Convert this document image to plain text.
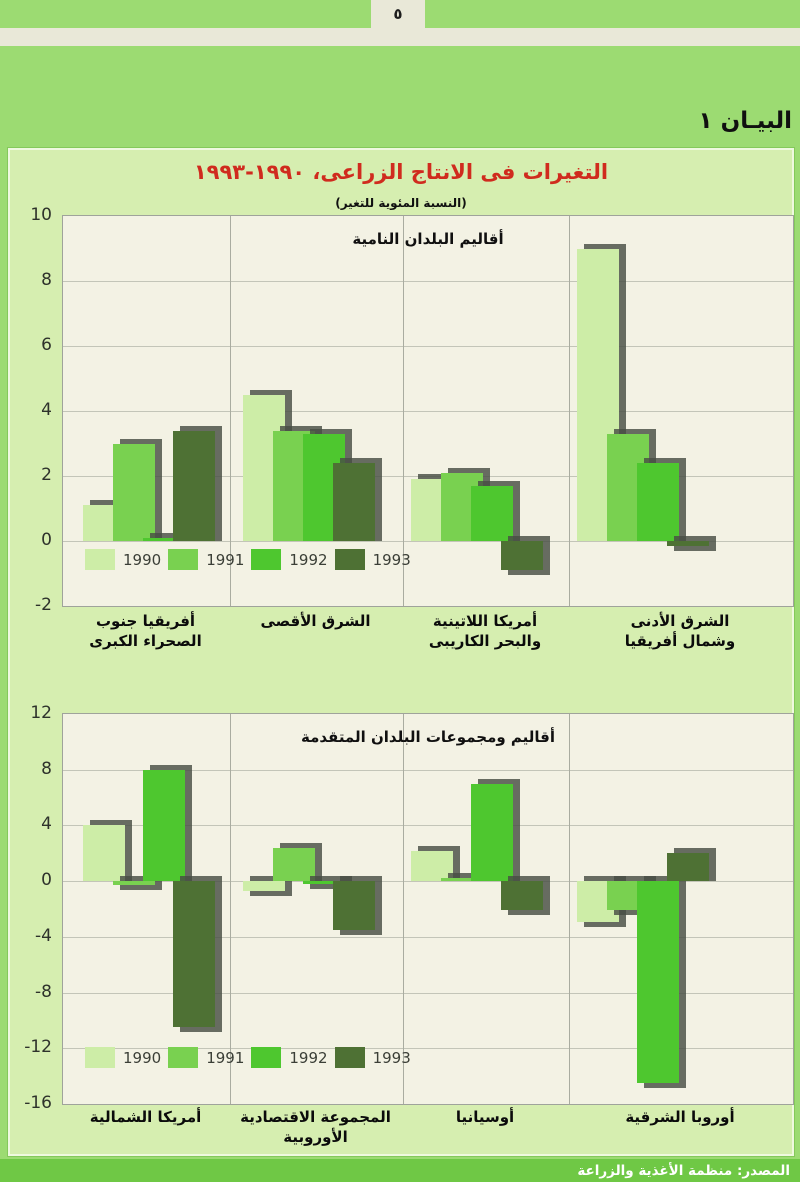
٥
البيـان ١
التغيرات فى الانتاج الزراعى، ١٩٩٠-١٩٩٣
(النسبة المئوية للتغير)
10
8
6
4
2
0
-2
أقاليم البلدان النامية
1990	1991	1992	1993
أفريقيا جنوب
الصحراء الكبرى
الشرق الأقصى	أمريكا اللاتينية
والبحر الكاريبى
الشرق الأدنى
وشمال أفريقيا
12
8
4
0
-4
-8
-12
-16
أقاليم ومجموعات البلدان المتقدمة
1990	1991	1992	1993
أمريكا الشمالية	المجموعة الاقتصادية
الأوروبية
أوسيانيا	أوروبا الشرقية
المصدر: منظمة الأغذية والزراعة
